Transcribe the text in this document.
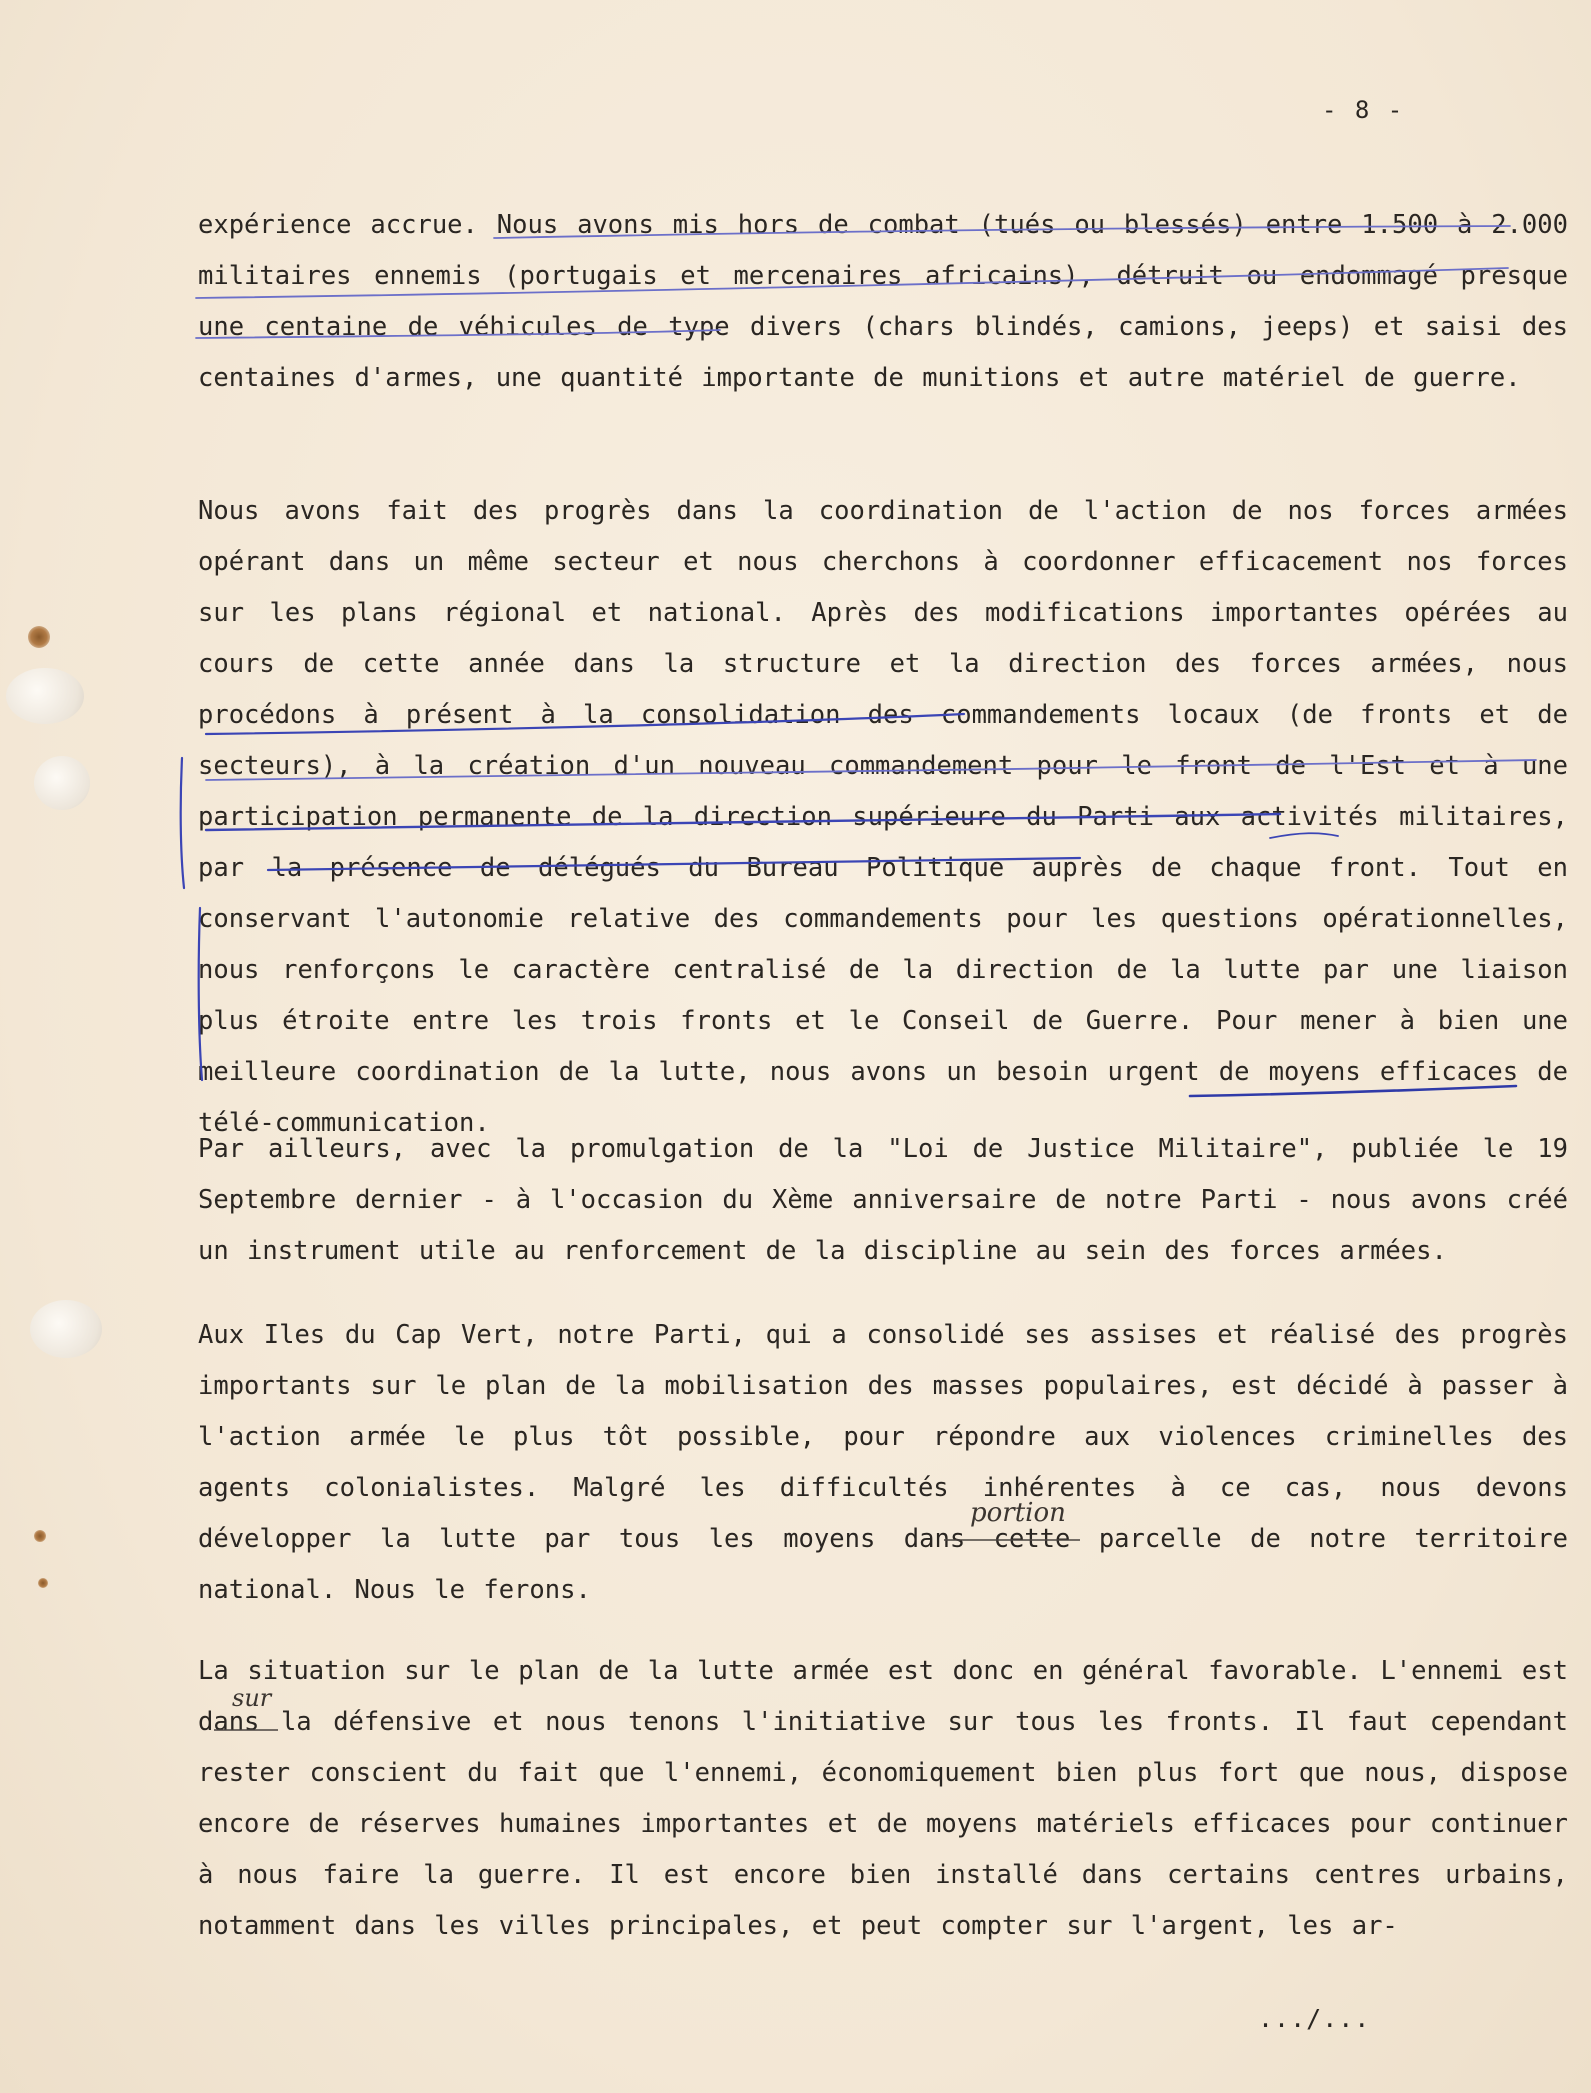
- 8 -

expérience accrue. Nous avons mis hors de combat (tués ou blessés) entre 1.500 à 2.000 militaires ennemis (portugais et mercenaires africains), détruit ou endommagé presque une centaine de véhicules de type divers (chars blindés, camions, jeeps) et saisi des centaines d'armes, une quantité importante de munitions et autre matériel de guerre.

Nous avons fait des progrès dans la coordination de l'action de nos forces armées opérant dans un même secteur et nous cherchons à coordonner efficacement nos forces sur les plans régional et national. Après des modifications importantes opérées au cours de cette année dans la structure et la direction des forces armées, nous procédons à présent à la consolidation des commandements locaux (de fronts et de secteurs), à la création d'un nouveau commandement pour le front de l'Est et à une participation permanente de la direction supérieure du Parti aux activités militaires, par la présence de délégués du Bureau Politique auprès de chaque front. Tout en conservant l'autonomie relative des commandements pour les questions opérationnelles, nous renforçons le caractère centralisé de la direction de la lutte par une liaison plus étroite entre les trois fronts et le Conseil de Guerre. Pour mener à bien une meilleure coordination de la lutte, nous avons un besoin urgent de moyens efficaces de télé-communication.

Par ailleurs, avec la promulgation de la "Loi de Justice Militaire", publiée le 19 Septembre dernier - à l'occasion du Xème anniversaire de notre Parti - nous avons créé un instrument utile au renforcement de la discipline au sein des forces armées.

Aux Iles du Cap Vert, notre Parti, qui a consolidé ses assises et réalisé des progrès importants sur le plan de la mobilisation des masses populaires, est décidé à passer à l'action armée le plus tôt possible, pour répondre aux violences criminelles des agents colonialistes. Malgré les difficultés inhérentes à ce cas, nous devons développer la lutte par tous les moyens dans cette parcelle de notre territoire national. Nous le ferons.

La situation sur le plan de la lutte armée est donc en général favorable. L'ennemi est dans la défensive et nous tenons l'initiative sur tous les fronts. Il faut cependant rester conscient du fait que l'ennemi, économiquement bien plus fort que nous, dispose encore de réserves humaines importantes et de moyens matériels efficaces pour continuer à nous faire la guerre. Il est encore bien installé dans certains centres urbains, notamment dans les villes principales, et peut compter sur l'argent, les ar-

portion
sur
.../...
